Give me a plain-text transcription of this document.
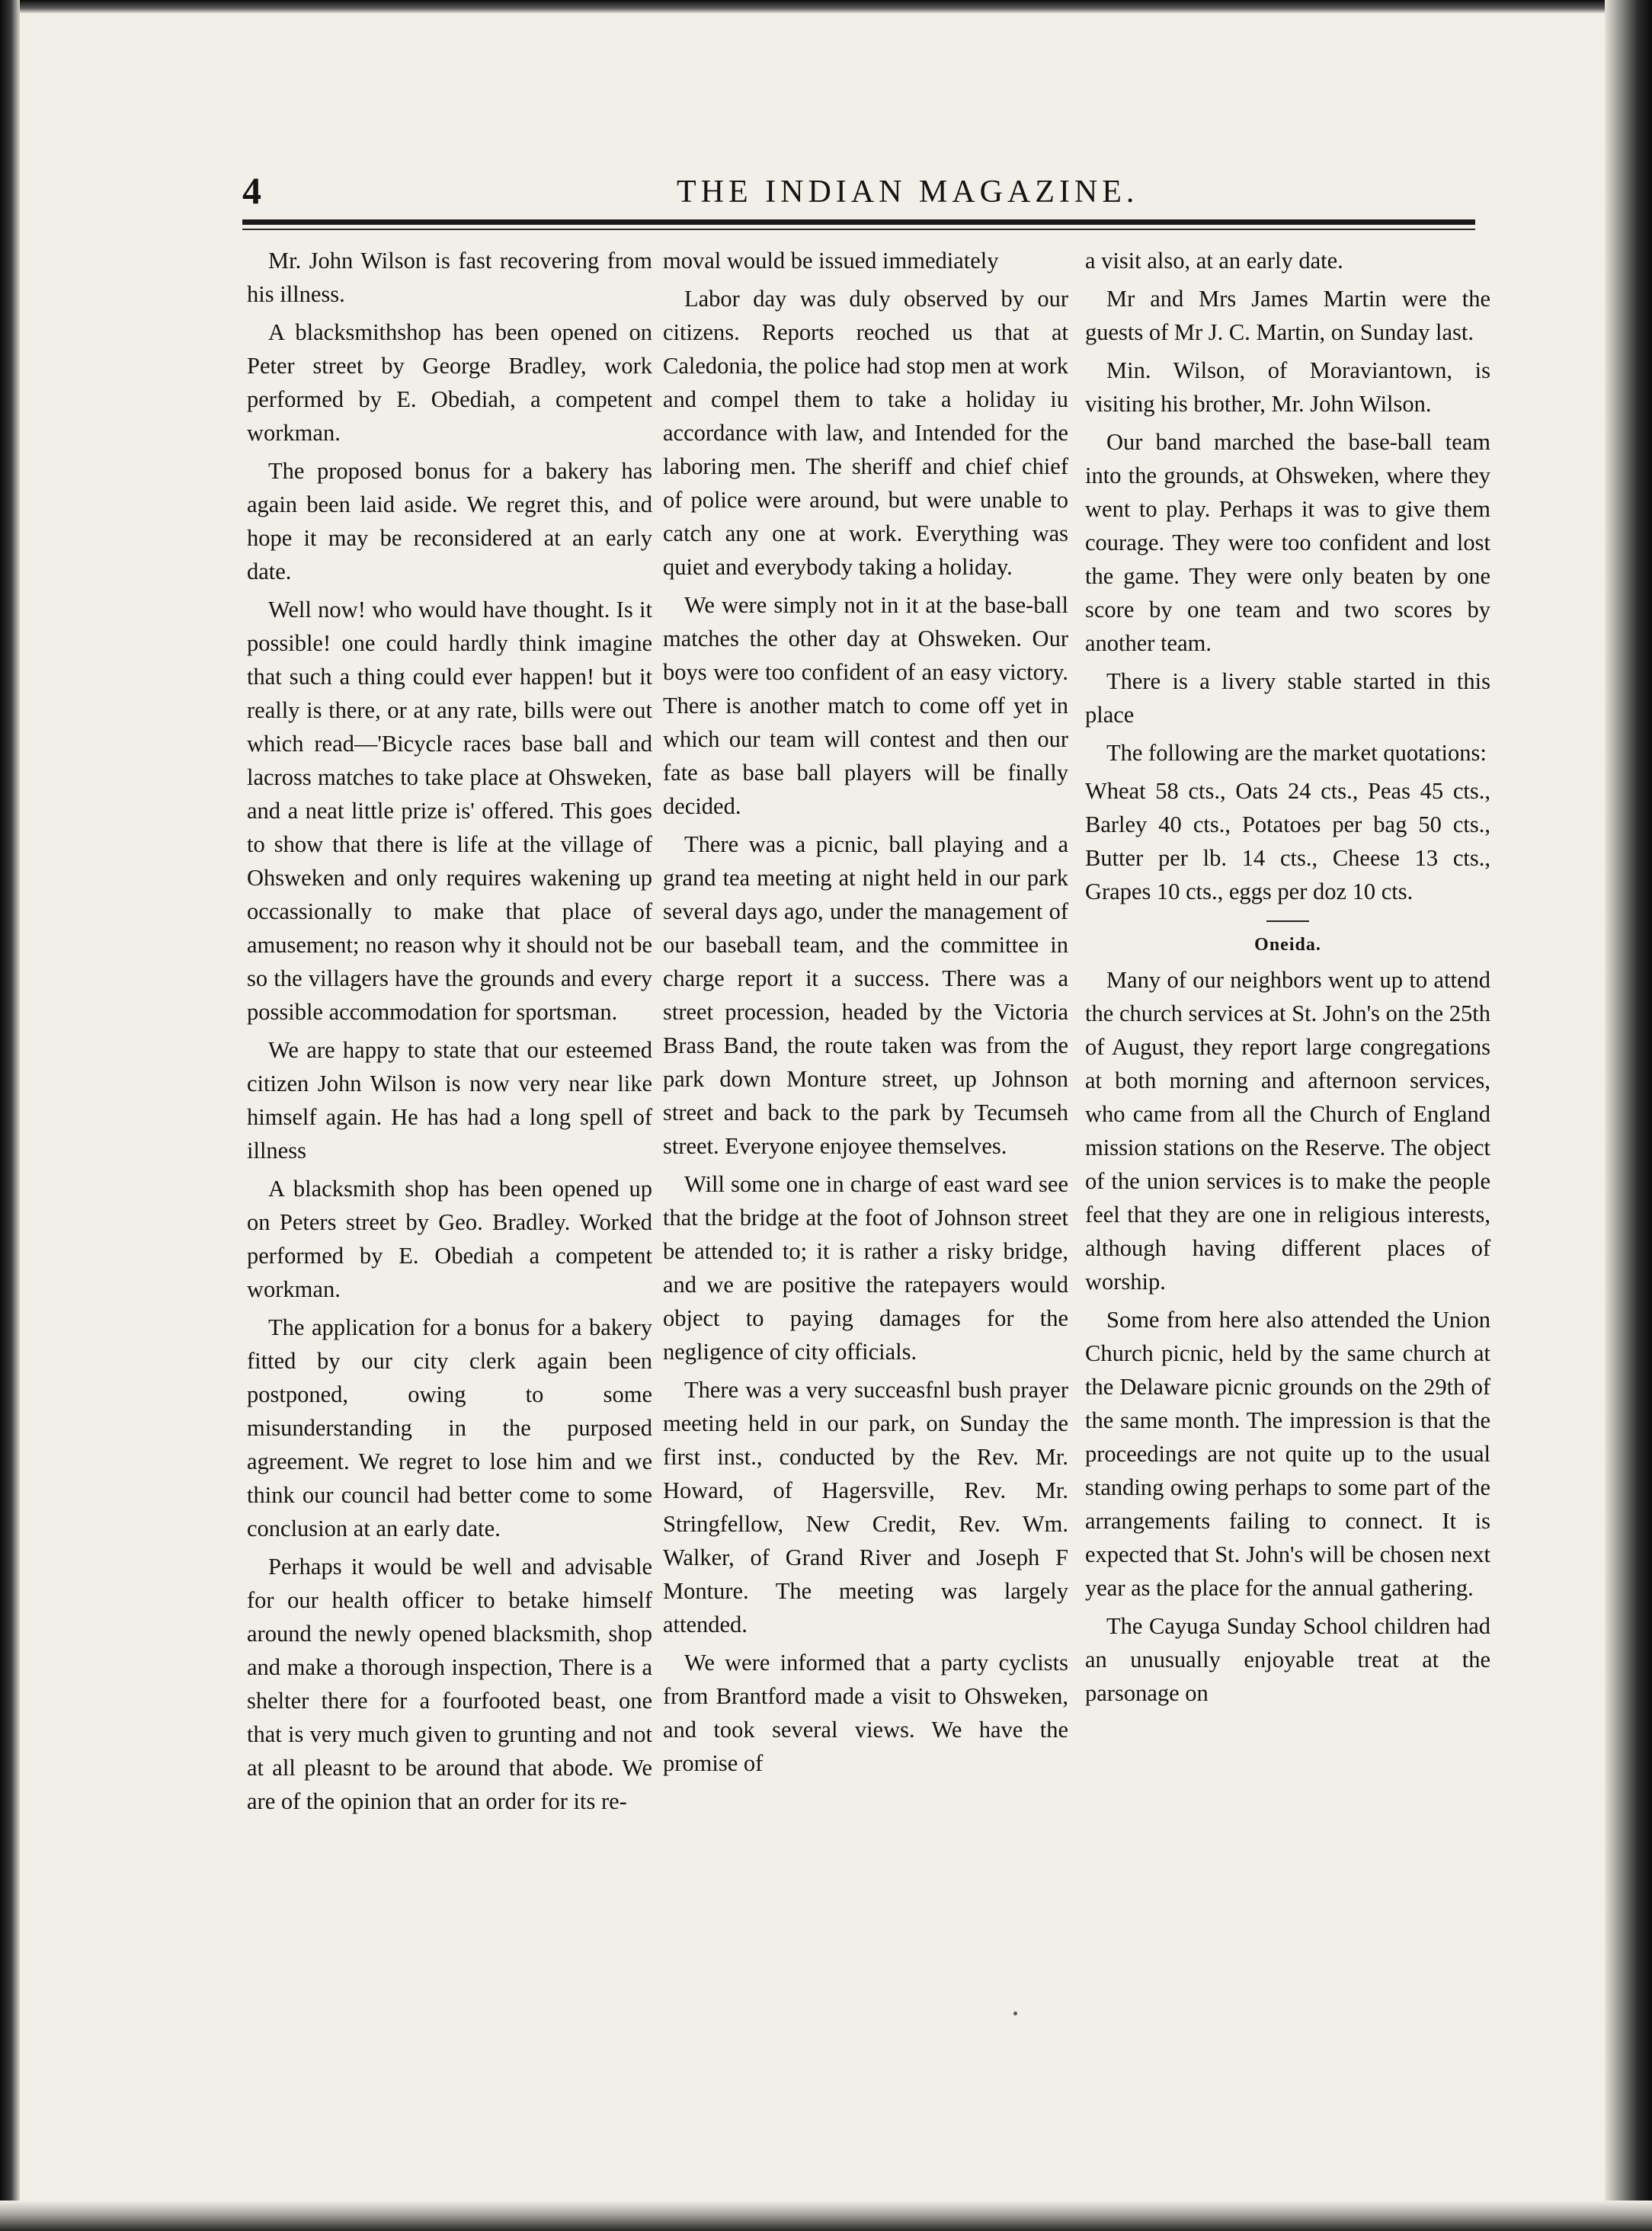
4	THE INDIAN MAGAZINE.

Mr. John Wilson is fast recovering from his illness.

A blacksmithshop has been opened on Peter street by George Bradley, work performed by E. Obediah, a competent workman.

The proposed bonus for a bakery has again been laid aside. We regret this, and hope it may be reconsidered at an early date.

Well now! who would have thought. Is it possible! one could hardly think imagine that such a thing could ever happen! but it really is there, or at any rate, bills were out which read—'Bicycle races base ball and lacross matches to take place at Ohsweken, and a neat little prize is' offered. This goes to show that there is life at the village of Ohsweken and only requires wakening up occassionally to make that place of amusement; no reason why it should not be so the villagers have the grounds and every possible accommodation for sportsman.

We are happy to state that our esteemed citizen John Wilson is now very near like himself again. He has had a long spell of illness

A blacksmith shop has been opened up on Peters street by Geo. Bradley. Worked performed by E. Obediah a competent workman.

The application for a bonus for a bakery fitted by our city clerk again been postponed, owing to some misunderstanding in the purposed agreement. We regret to lose him and we think our council had better come to some conclusion at an early date.

Perhaps it would be well and advisable for our health officer to betake himself around the newly opened blacksmith, shop and make a thorough inspection, There is a shelter there for a fourfooted beast, one that is very much given to grunting and not at all pleasnt to be around that abode. We are of the opinion that an order for its re-

moval would be issued immediately

Labor day was duly observed by our citizens. Reports reoched us that at Caledonia, the police had stop men at work and compel them to take a holiday iu accordance with law, and Intended for the laboring men. The sheriff and chief chief of police were around, but were unable to catch any one at work. Everything was quiet and everybody taking a holiday.

We were simply not in it at the base-ball matches the other day at Ohsweken. Our boys were too confident of an easy victory. There is another match to come off yet in which our team will contest and then our fate as base ball players will be finally decided.

There was a picnic, ball playing and a grand tea meeting at night held in our park several days ago, under the management of our baseball team, and the committee in charge report it a success. There was a street procession, headed by the Victoria Brass Band, the route taken was from the park down Monture street, up Johnson street and back to the park by Tecumseh street. Everyone enjoyee themselves.

Will some one in charge of east ward see that the bridge at the foot of Johnson street be attended to; it is rather a risky bridge, and we are positive the ratepayers would object to paying damages for the negligence of city officials.

There was a very succeasfnl bush prayer meeting held in our park, on Sunday the first inst., conducted by the Rev. Mr. Howard, of Hagersville, Rev. Mr. Stringfellow, New Credit, Rev. Wm. Walker, of Grand River and Joseph F Monture. The meeting was largely attended.

We were informed that a party cyclists from Brantford made a visit to Ohsweken, and took several views. We have the promise of

a visit also, at an early date.

Mr and Mrs James Martin were the guests of Mr J. C. Martin, on Sunday last.

Min. Wilson, of Moraviantown, is visiting his brother, Mr. John Wilson.

Our band marched the base-ball team into the grounds, at Ohsweken, where they went to play. Perhaps it was to give them courage. They were too confident and lost the game. They were only beaten by one score by one team and two scores by another team.

There is a livery stable started in this place

The following are the market quotations:

Wheat 58 cts., Oats 24 cts., Peas 45 cts., Barley 40 cts., Potatoes per bag 50 cts., Butter per lb. 14 cts., Cheese 13 cts., Grapes 10 cts., eggs per doz 10 cts.

Oneida.

Many of our neighbors went up to attend the church services at St. John's on the 25th of August, they report large congregations at both morning and afternoon services, who came from all the Church of England mission stations on the Reserve. The object of the union services is to make the people feel that they are one in religious interests, although having different places of worship.

Some from here also attended the Union Church picnic, held by the same church at the Delaware picnic grounds on the 29th of the same month. The impression is that the proceedings are not quite up to the usual standing owing perhaps to some part of the arrangements failing to connect. It is expected that St. John's will be chosen next year as the place for the annual gathering.

The Cayuga Sunday School children had an unusually enjoyable treat at the parsonage on
